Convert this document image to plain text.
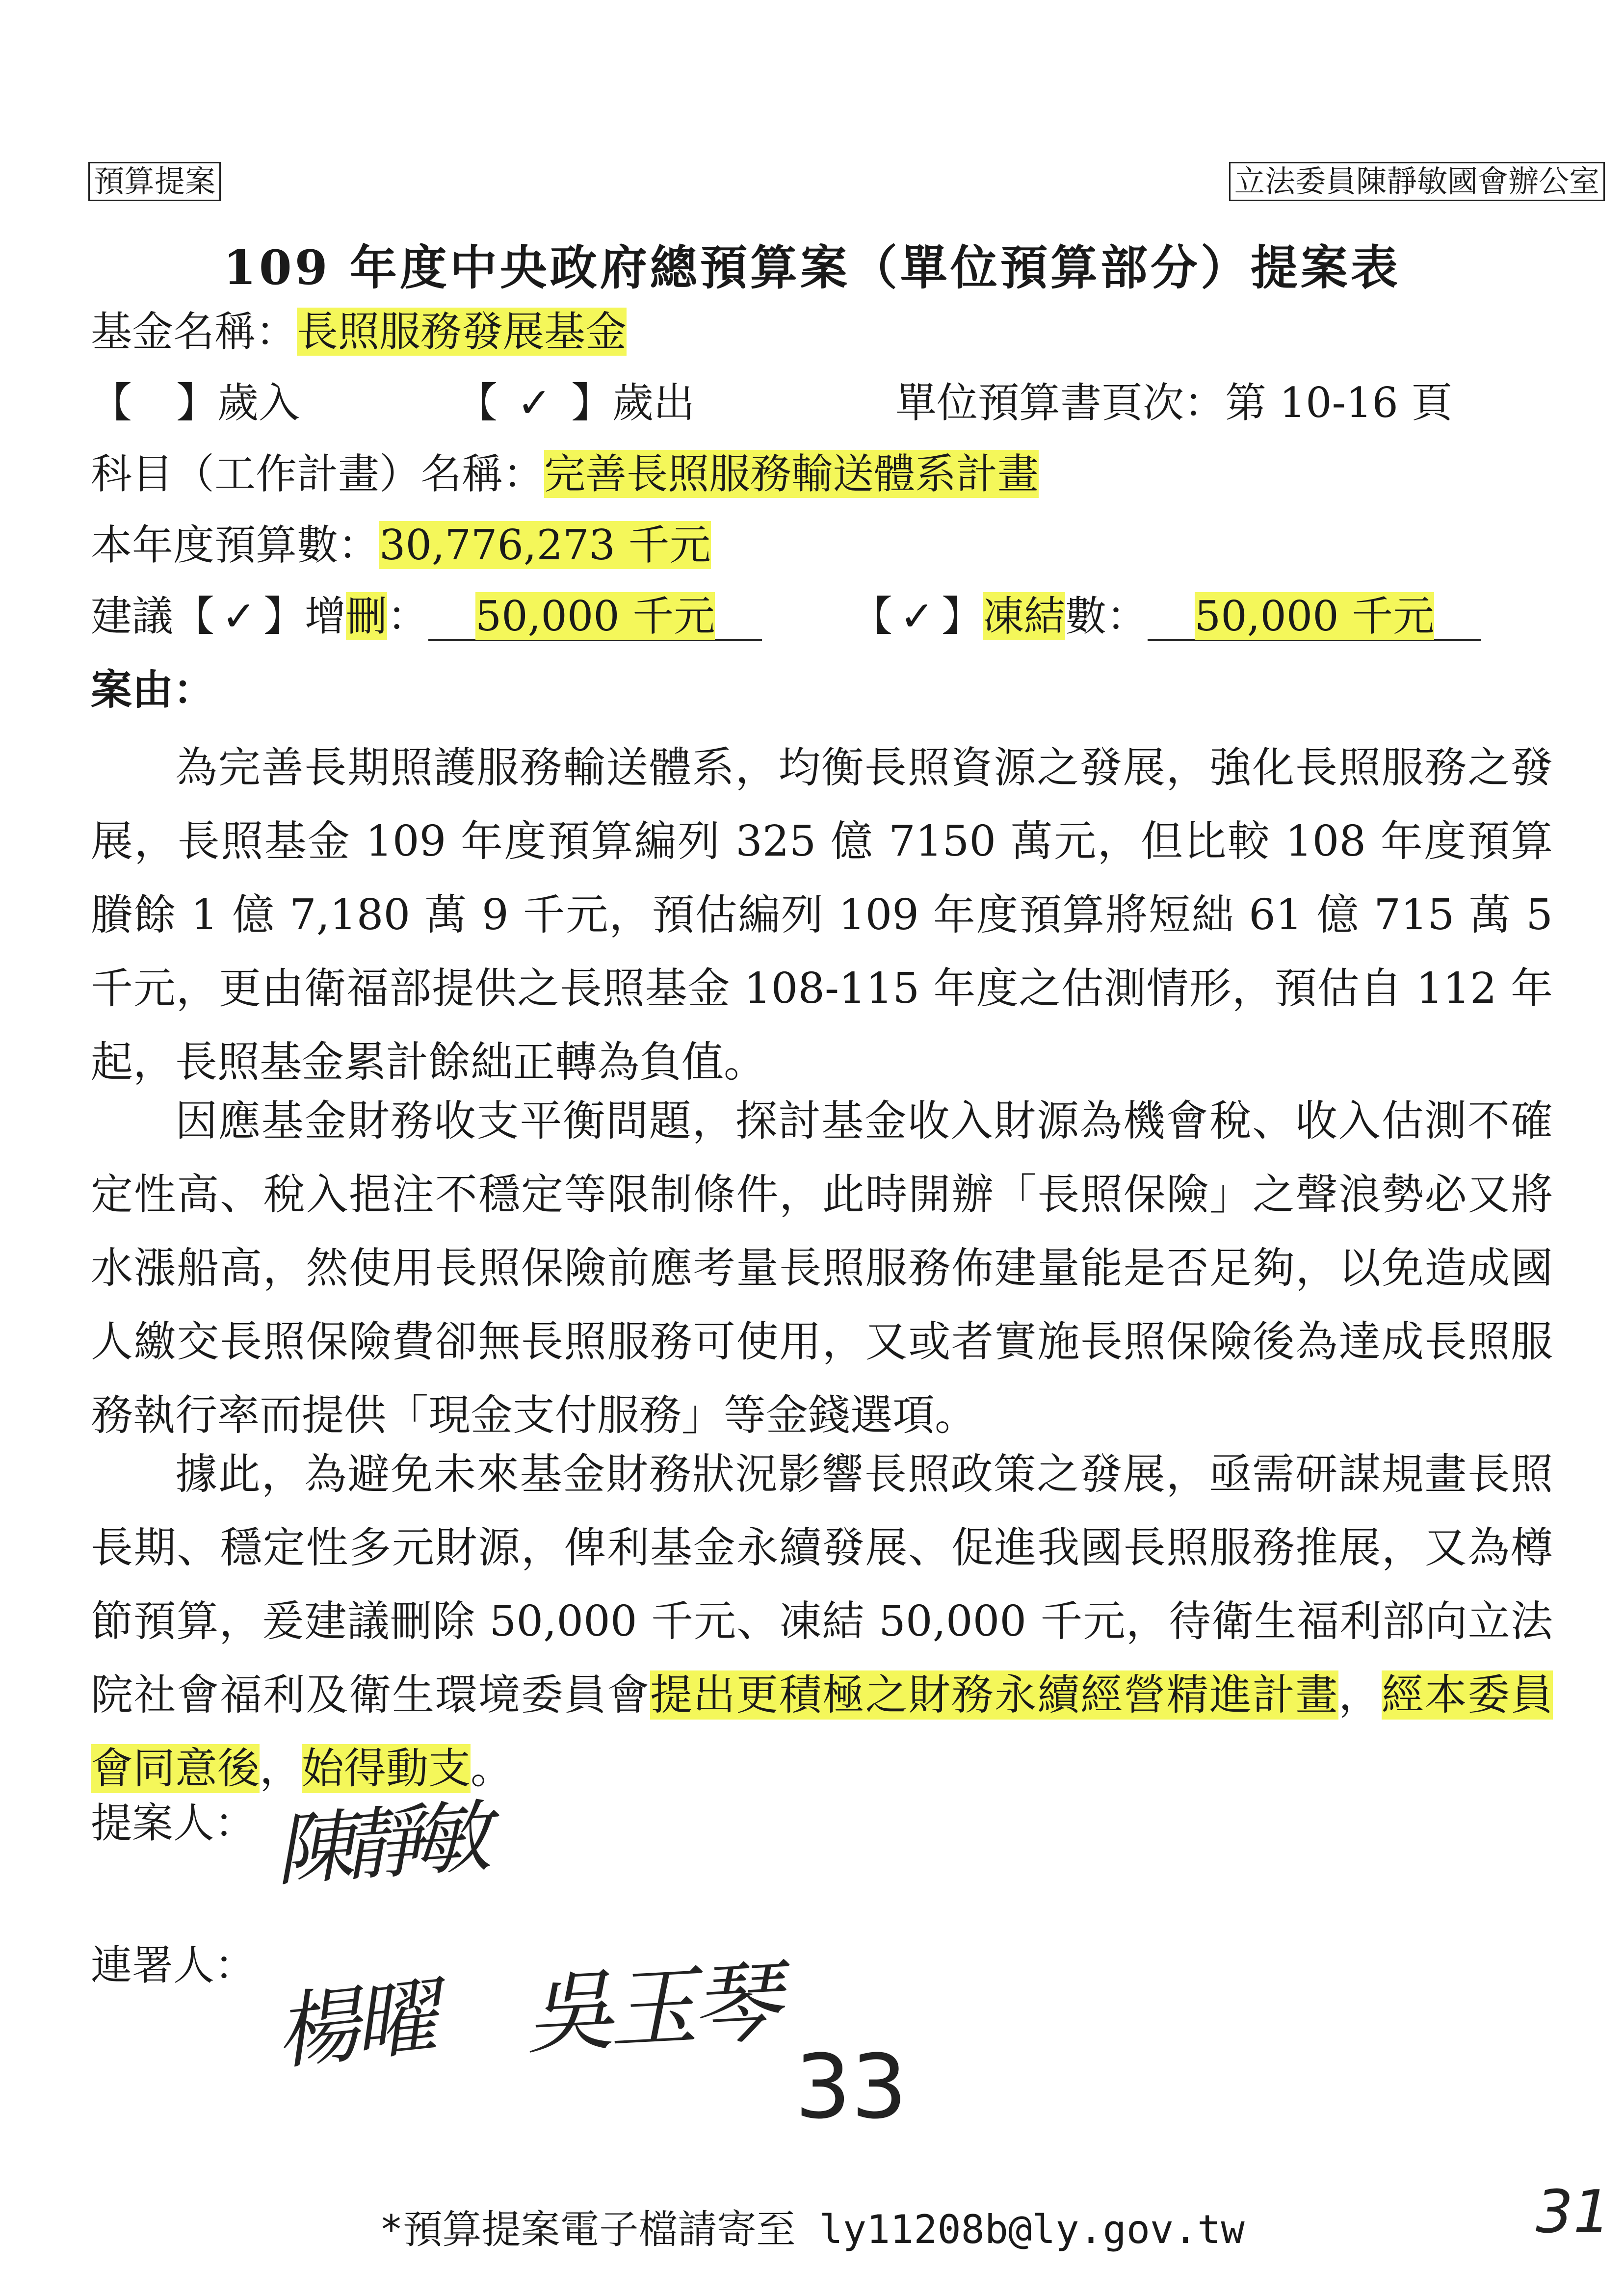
預算提案	立法委員陳靜敏國會辦公室
109 年度中央政府總預算案（單位預算部分）提案表
基金名稱：長照服務發展基金
【 】歲入	【 ✓ 】歲出	單位預算書頁次：第 10-16 頁
科目（工作計畫）名稱：完善長照服務輸送體系計畫
本年度預算數：30,776,273 千元
建議【 ✓ 】增刪： 50,000 千元	【 ✓ 】凍結數： 50,000 千元
案由：
為完善長期照護服務輸送體系，均衡長照資源之發展，強化長照服務之發展，長照基金 109 年度預算編列 325 億 7150 萬元，但比較 108 年度預算賸餘 1 億 7,180 萬 9 千元，預估編列 109 年度預算將短絀 61 億 715 萬 5 千元，更由衛福部提供之長照基金 108-115 年度之估測情形，預估自 112 年起，長照基金累計餘絀正轉為負值。
因應基金財務收支平衡問題，探討基金收入財源為機會稅、收入估測不確定性高、稅入挹注不穩定等限制條件，此時開辦「長照保險」之聲浪勢必又將水漲船高，然使用長照保險前應考量長照服務佈建量能是否足夠，以免造成國人繳交長照保險費卻無長照服務可使用，又或者實施長照保險後為達成長照服務執行率而提供「現金支付服務」等金錢選項。
據此，為避免未來基金財務狀況影響長照政策之發展，亟需研謀規畫長照長期、穩定性多元財源，俾利基金永續發展、促進我國長照服務推展，又為樽節預算，爰建議刪除 50,000 千元、凍結 50,000 千元，待衛生福利部向立法院社會福利及衛生環境委員會提出更積極之財務永續經營精進計畫，經本委員會同意後，始得動支。
提案人： 陳靜敏
連署人：
楊曜 吳玉琴
33
31
*預算提案電子檔請寄至 ly11208b@ly.gov.tw
